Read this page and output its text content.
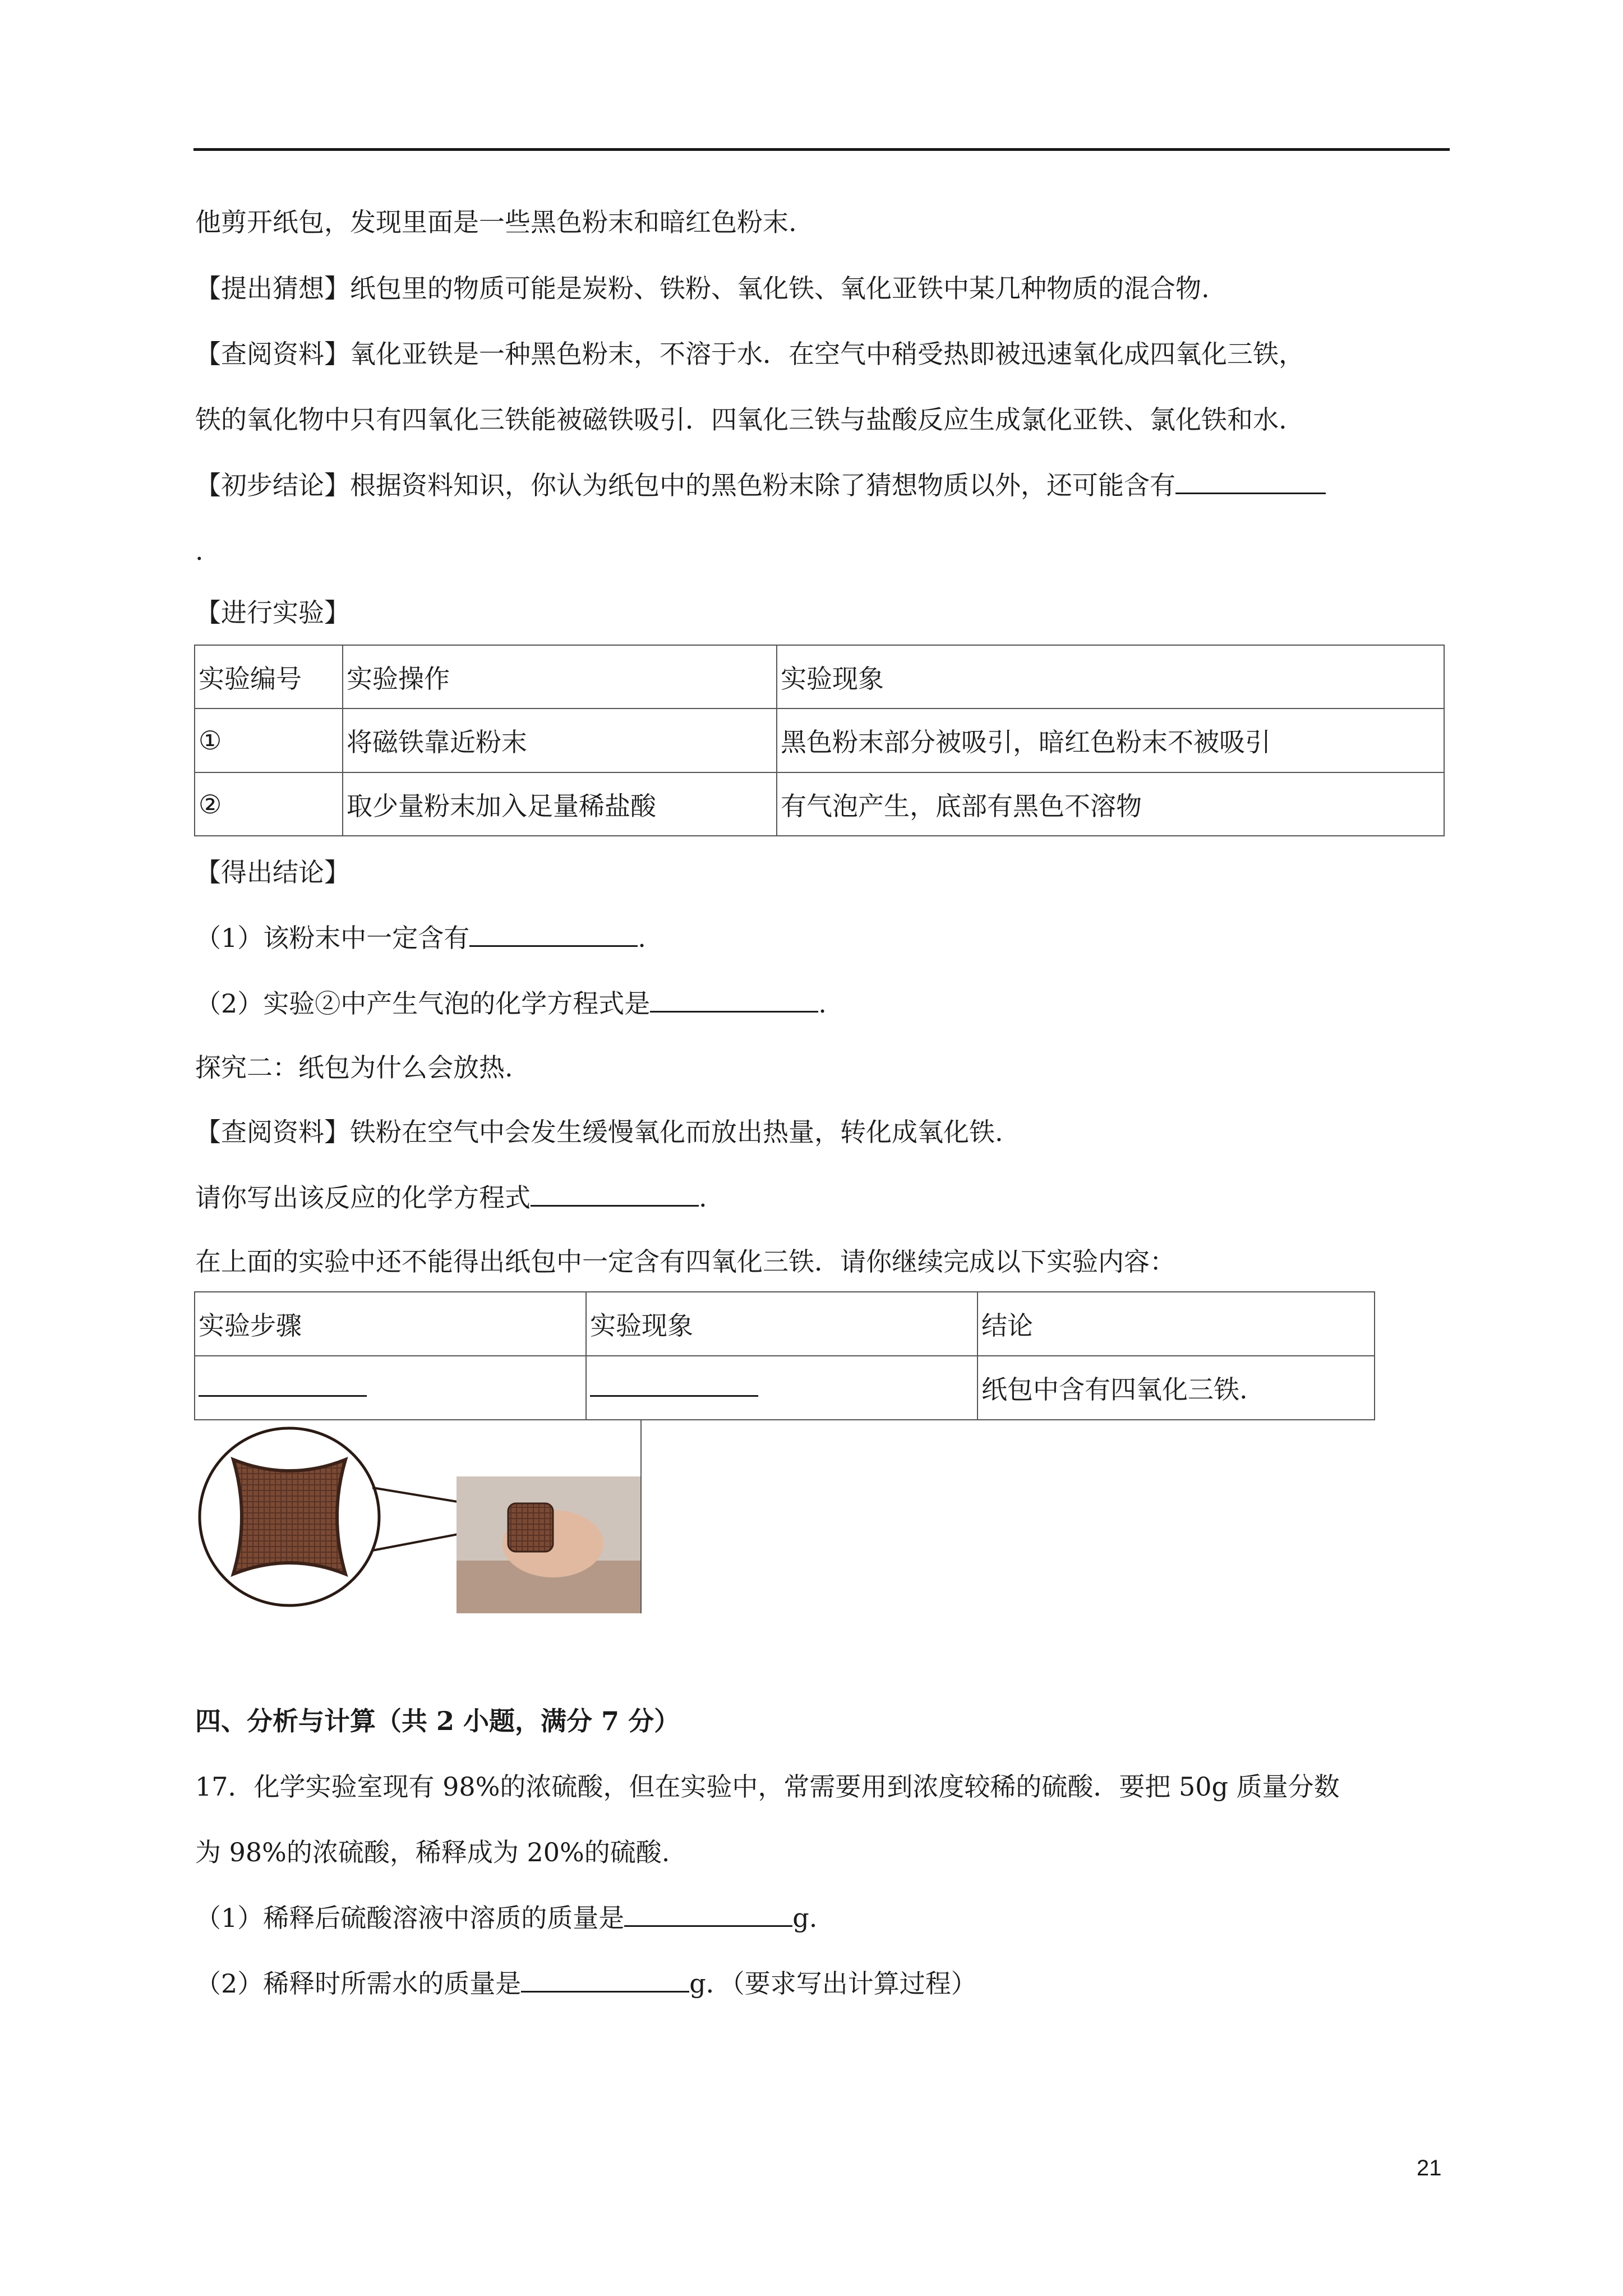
他剪开纸包，发现里面是一些黑色粉末和暗红色粉末.
【提出猜想】纸包里的物质可能是炭粉、铁粉、氧化铁、氧化亚铁中某几种物质的混合物.
【查阅资料】氧化亚铁是一种黑色粉末，不溶于水．在空气中稍受热即被迅速氧化成四氧化三铁，
铁的氧化物中只有四氧化三铁能被磁铁吸引．四氧化三铁与盐酸反应生成氯化亚铁、氯化铁和水.
【初步结论】根据资料知识，你认为纸包中的黑色粉末除了猜想物质以外，还可能含有
.
【进行实验】
实验编号	实验操作	实验现象
①	将磁铁靠近粉末	黑色粉末部分被吸引，暗红色粉末不被吸引
②	取少量粉末加入足量稀盐酸	有气泡产生，底部有黑色不溶物
【得出结论】
（1）该粉末中一定含有	.
（2）实验②中产生气泡的化学方程式是	.
探究二：纸包为什么会放热.
【查阅资料】铁粉在空气中会发生缓慢氧化而放出热量，转化成氧化铁.
请你写出该反应的化学方程式	.
在上面的实验中还不能得出纸包中一定含有四氧化三铁．请你继续完成以下实验内容：
实验步骤	实验现象	结论
		纸包中含有四氧化三铁.
四、分析与计算（共 2 小题，满分 7 分）
17．化学实验室现有 98%的浓硫酸，但在实验中，常需要用到浓度较稀的硫酸．要把 50g 质量分数
为 98%的浓硫酸，稀释成为 20%的硫酸.
（1）稀释后硫酸溶液中溶质的质量是	g.
（2）稀释时所需水的质量是	g．（要求写出计算过程）
21
